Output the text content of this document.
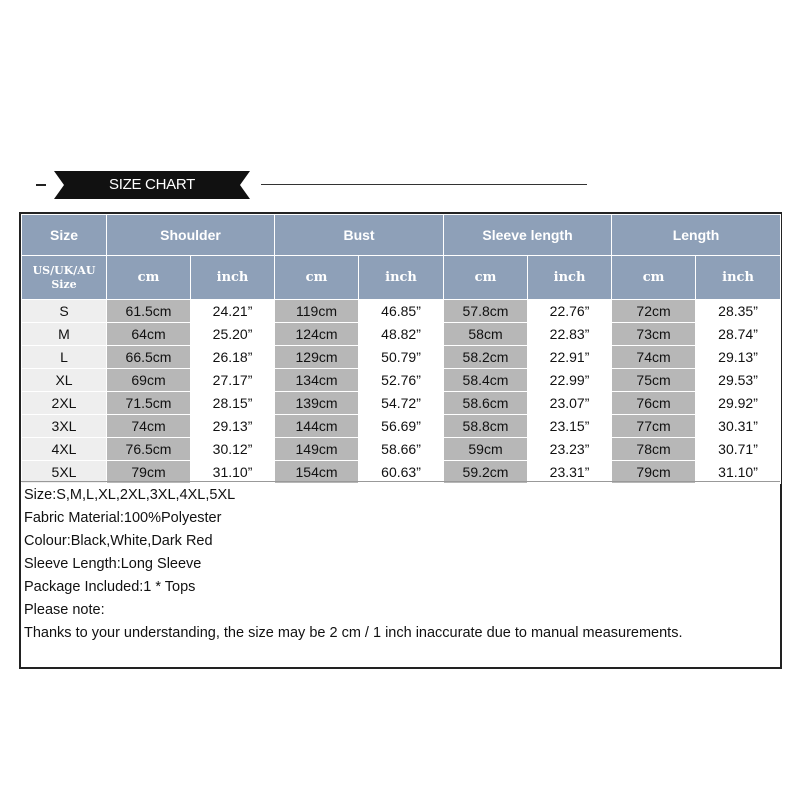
SIZE CHART
Size	Shoulder		Bust		Sleeve length		Length	
US/UK/AU Size	cm	inch	cm	inch	cm	inch	cm	inch
S	61.5cm	24.21”	119cm	46.85”	57.8cm	22.76”	72cm	28.35”
M	64cm	25.20”	124cm	48.82”	58cm	22.83”	73cm	28.74”
L	66.5cm	26.18”	129cm	50.79”	58.2cm	22.91”	74cm	29.13”
XL	69cm	27.17”	134cm	52.76”	58.4cm	22.99”	75cm	29.53”
2XL	71.5cm	28.15”	139cm	54.72”	58.6cm	23.07”	76cm	29.92”
3XL	74cm	29.13”	144cm	56.69”	58.8cm	23.15”	77cm	30.31”
4XL	76.5cm	30.12”	149cm	58.66”	59cm	23.23”	78cm	30.71”
5XL	79cm	31.10”	154cm	60.63”	59.2cm	23.31”	79cm	31.10”
Size:S,M,L,XL,2XL,3XL,4XL,5XL
Fabric Material:100%Polyester
Colour:Black,White,Dark Red
Sleeve Length:Long Sleeve
Package Included:1 * Tops
Please note:
Thanks to your understanding, the size may be 2 cm / 1 inch inaccurate due to manual measurements.
